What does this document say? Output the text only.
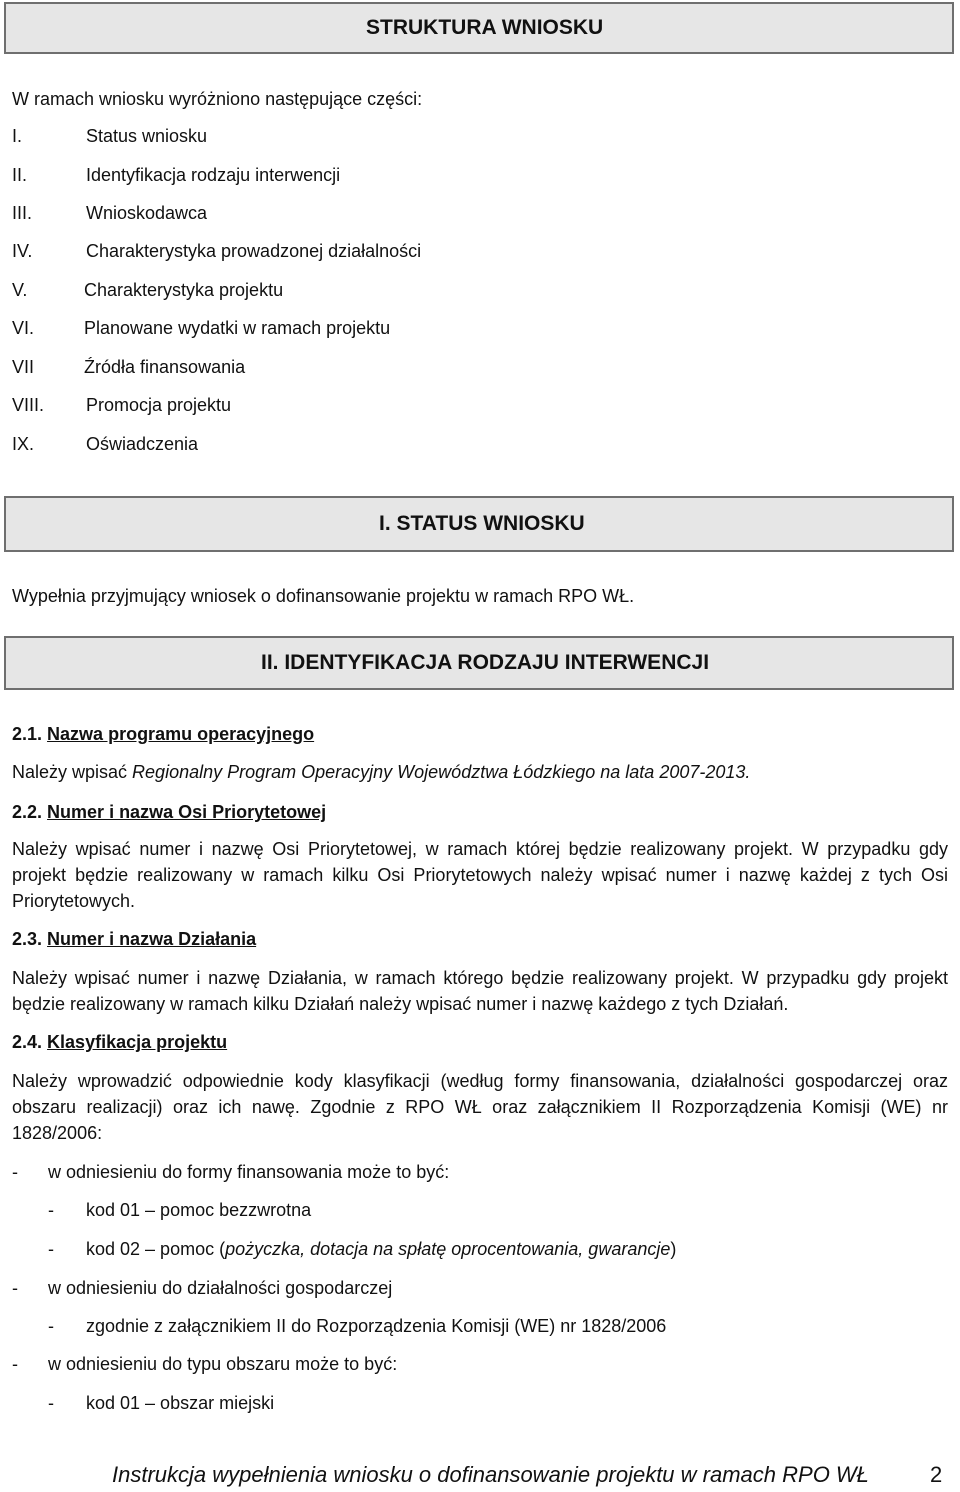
STRUKTURA WNIOSKU
W ramach wniosku wyróżniono następujące części:
I.	Status wniosku
II.	Identyfikacja rodzaju interwencji
III.	Wnioskodawca
IV.	Charakterystyka prowadzonej działalności
V.	Charakterystyka projektu
VI.	Planowane wydatki w ramach projektu
VII	Źródła finansowania
VIII. Promocja projektu
IX.	Oświadczenia
I. STATUS WNIOSKU
Wypełnia przyjmujący wniosek o dofinansowanie projektu w ramach RPO WŁ.
II. IDENTYFIKACJA RODZAJU INTERWENCJI
2.1. Nazwa programu operacyjnego
Należy wpisać Regionalny Program Operacyjny Województwa Łódzkiego na lata 2007-2013.
2.2. Numer i nazwa Osi Priorytetowej
Należy wpisać numer i nazwę Osi Priorytetowej, w ramach której będzie realizowany projekt. W przypadku gdy projekt będzie realizowany w ramach kilku Osi Priorytetowych należy wpisać numer i nazwę każdej z tych Osi Priorytetowych.
2.3. Numer i nazwa Działania
Należy wpisać numer i nazwę Działania, w ramach którego będzie realizowany projekt. W przypadku gdy projekt będzie realizowany w ramach kilku Działań należy wpisać numer i nazwę każdego z tych Działań.
2.4. Klasyfikacja projektu
Należy wprowadzić odpowiednie kody klasyfikacji (według formy finansowania, działalności gospodarczej oraz obszaru realizacji) oraz ich nawę. Zgodnie z RPO WŁ oraz załącznikiem II Rozporządzenia Komisji (WE) nr 1828/2006:
- w odniesieniu do formy finansowania może to być:
- kod 01 – pomoc bezzwrotna
- kod 02 – pomoc (pożyczka, dotacja na spłatę oprocentowania, gwarancje)
- w odniesieniu do działalności gospodarczej
- zgodnie z załącznikiem II do Rozporządzenia Komisji (WE) nr 1828/2006
- w odniesieniu do typu obszaru może to być:
- kod 01 – obszar miejski
Instrukcja wypełnienia wniosku o dofinansowanie projektu w ramach RPO WŁ	2
